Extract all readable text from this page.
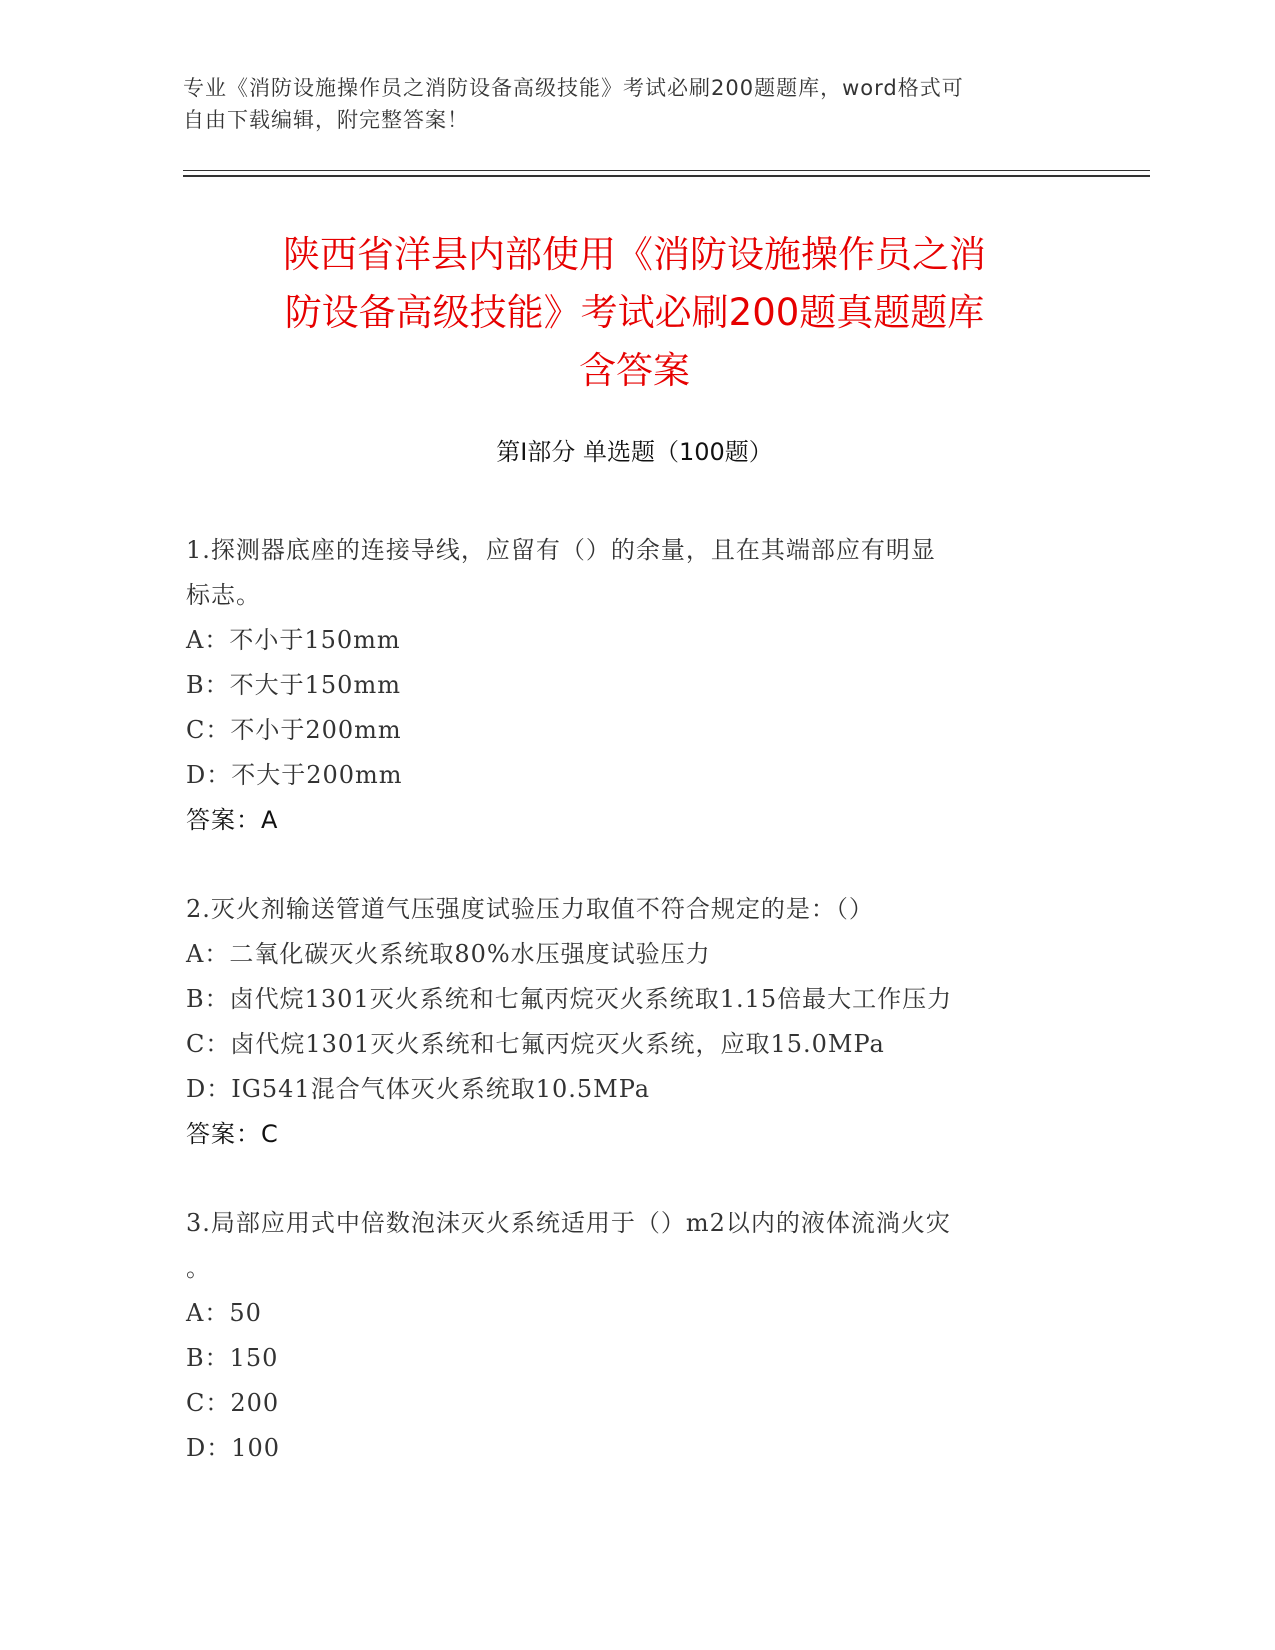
专业《消防设施操作员之消防设备高级技能》考试必刷200题题库，word格式可
自由下载编辑，附完整答案！
陕西省洋县内部使用《消防设施操作员之消
防设备高级技能》考试必刷200题真题题库
含答案
第Ⅰ部分 单选题（100题）
1.探测器底座的连接导线，应留有（）的余量，且在其端部应有明显
标志。
A：不小于150mm
B：不大于150mm
C：不小于200mm
D：不大于200mm
答案：A
2.灭火剂输送管道气压强度试验压力取值不符合规定的是：（）
A：二氧化碳灭火系统取80%水压强度试验压力
B：卤代烷1301灭火系统和七氟丙烷灭火系统取1.15倍最大工作压力
C：卤代烷1301灭火系统和七氟丙烷灭火系统，应取15.0MPa
D：IG541混合气体灭火系统取10.5MPa
答案：C
3.局部应用式中倍数泡沫灭火系统适用于（）m2以内的液体流淌火灾
。
A：50
B：150
C：200
D：100
